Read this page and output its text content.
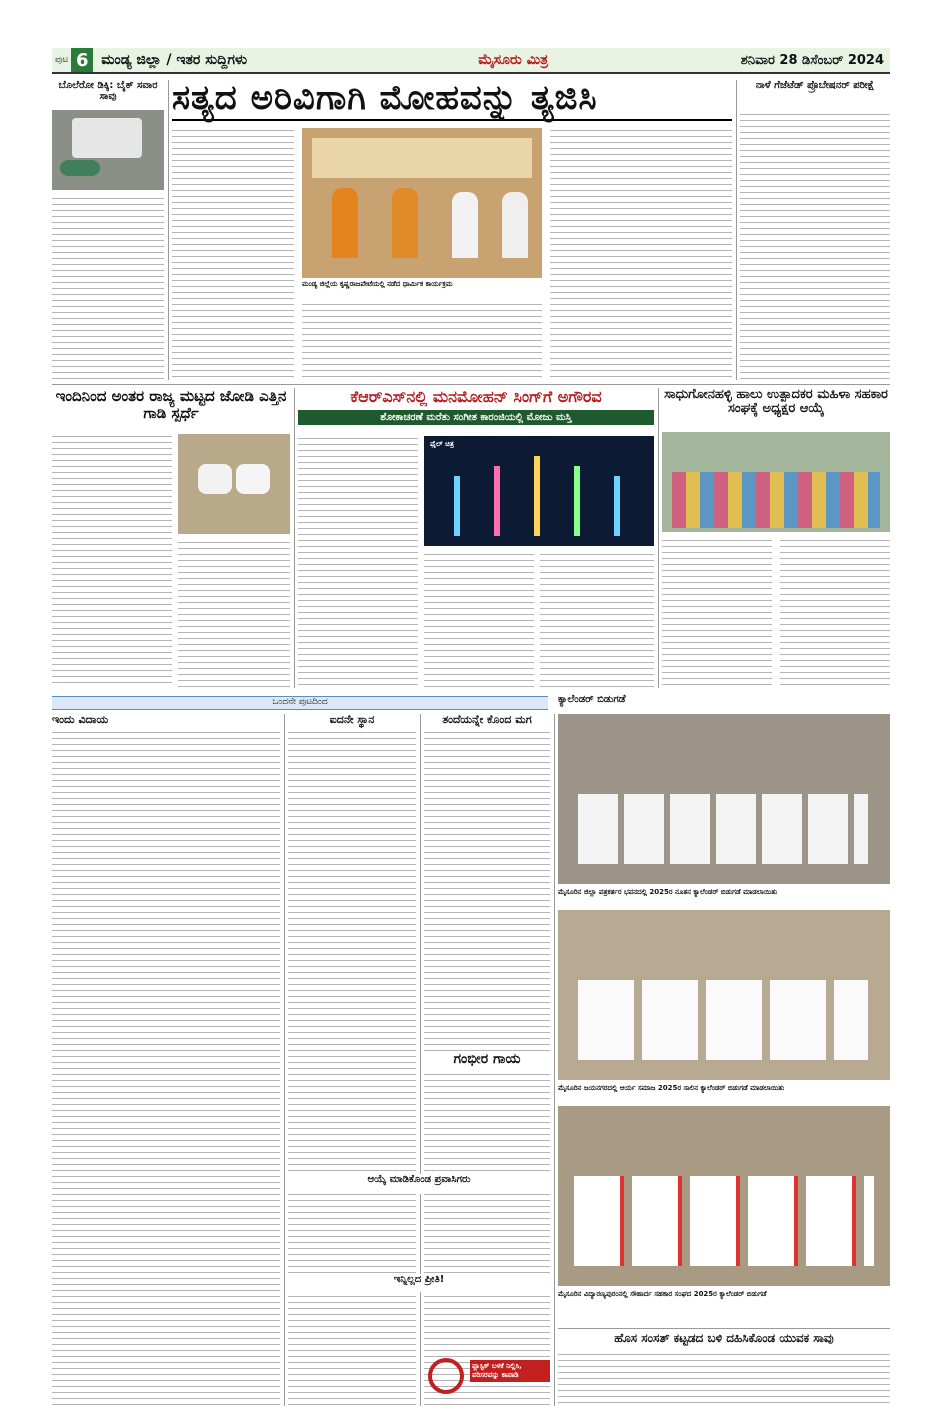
ಪುಟ 6 ಮಂಡ್ಯ ಜಿಲ್ಲಾ / ಇತರ ಸುದ್ದಿಗಳು	ಮೈಸೂರು ಮಿತ್ರ	ಶನಿವಾರ 28 ಡಿಸೆಂಬರ್ 2024
ಬೊಲೆರೋ ಡಿಕ್ಕಿ: ಬೈಕ್ ಸವಾರ ಸಾವು	ಸತ್ಯದ ಅರಿವಿಗಾಗಿ ಮೋಹವನ್ನು ತ್ಯಜಿಸಿ
ಮಂಡ್ಯ ಜಿಲ್ಲೆಯ ಕೃಷ್ಣರಾಜಪೇಟೆಯಲ್ಲಿ ನಡೆದ ಧಾರ್ಮಿಕ ಕಾರ್ಯಕ್ರಮ
ನಾಳೆ ಗೆಜೆಟೆಡ್ ಪ್ರೊಬೇಷನರ್ ಪರೀಕ್ಷೆ
ಇಂದಿನಿಂದ ಅಂತರ ರಾಜ್ಯ ಮಟ್ಟದ ಜೋಡಿ ಎತ್ತಿನ ಗಾಡಿ ಸ್ಪರ್ಧೆ
ಕೆಆರ್‌ಎಸ್‌ನಲ್ಲಿ ಮನಮೋಹನ್ ಸಿಂಗ್‌ಗೆ ಅಗೌರವ
ಶೋಕಾಚರಣೆ ಮರೆತು ಸಂಗೀತ ಕಾರಂಜಿಯಲ್ಲಿ ಮೋಜು ಮಸ್ತಿ
ಫೈಲ್ ಚಿತ್ರ
ಸಾಧುಗೋನಹಳ್ಳಿ ಹಾಲು ಉತ್ಪಾದಕರ ಮಹಿಳಾ ಸಹಕಾರ ಸಂಘಕ್ಕೆ ಅಧ್ಯಕ್ಷರ ಆಯ್ಕೆ
ಒಂದನೇ ಪುಟದಿಂದ	ಕ್ಯಾಲೆಂಡರ್ ಬಿಡುಗಡೆ
ಇಂದು ವಿದಾಯ	ಐದನೇ ಸ್ಥಾನ	ತಂದೆಯನ್ನೇ ಕೊಂದ ಮಗ
ಗಂಭೀರ ಗಾಯ
ಆಯ್ಕೆ ಮಾಡಿಕೊಂಡ ಪ್ರವಾಸಿಗರು
ಇನ್ನಿಲ್ಲದ ಪ್ರೀತಿ!
ಪ್ಲಾಸ್ಟಿಕ್ ಬಳಕೆ ನಿಲ್ಲಿಸಿ, ಪರಿಸರವನ್ನು ಕಾಪಾಡಿ
ಮೈಸೂರಿನ ಜಿಲ್ಲಾ ಪತ್ರಕರ್ತರ ಭವನದಲ್ಲಿ 2025ರ ನೂತನ ಕ್ಯಾಲೆಂಡರ್ ಬಿಡುಗಡೆ ಮಾಡಲಾಯಿತು
ಮೈಸೂರಿನ ಜಯನಗರದಲ್ಲಿ ಆರ್ಯ ಸಮಾಜ 2025ರ ಸಾಲಿನ ಕ್ಯಾಲೆಂಡರ್ ಬಿಡುಗಡೆ ಮಾಡಲಾಯಿತು
ಮೈಸೂರಿನ ವಿದ್ಯಾರಣ್ಯಪುರಂನಲ್ಲಿ ಸೌಹಾರ್ದ ಸಹಕಾರ ಸಂಘದ 2025ರ ಕ್ಯಾಲೆಂಡರ್ ಬಿಡುಗಡೆ
ಹೊಸ ಸಂಸತ್ ಕಟ್ಟಡದ ಬಳಿ ದಹಿಸಿಕೊಂಡ ಯುವಕ ಸಾವು
